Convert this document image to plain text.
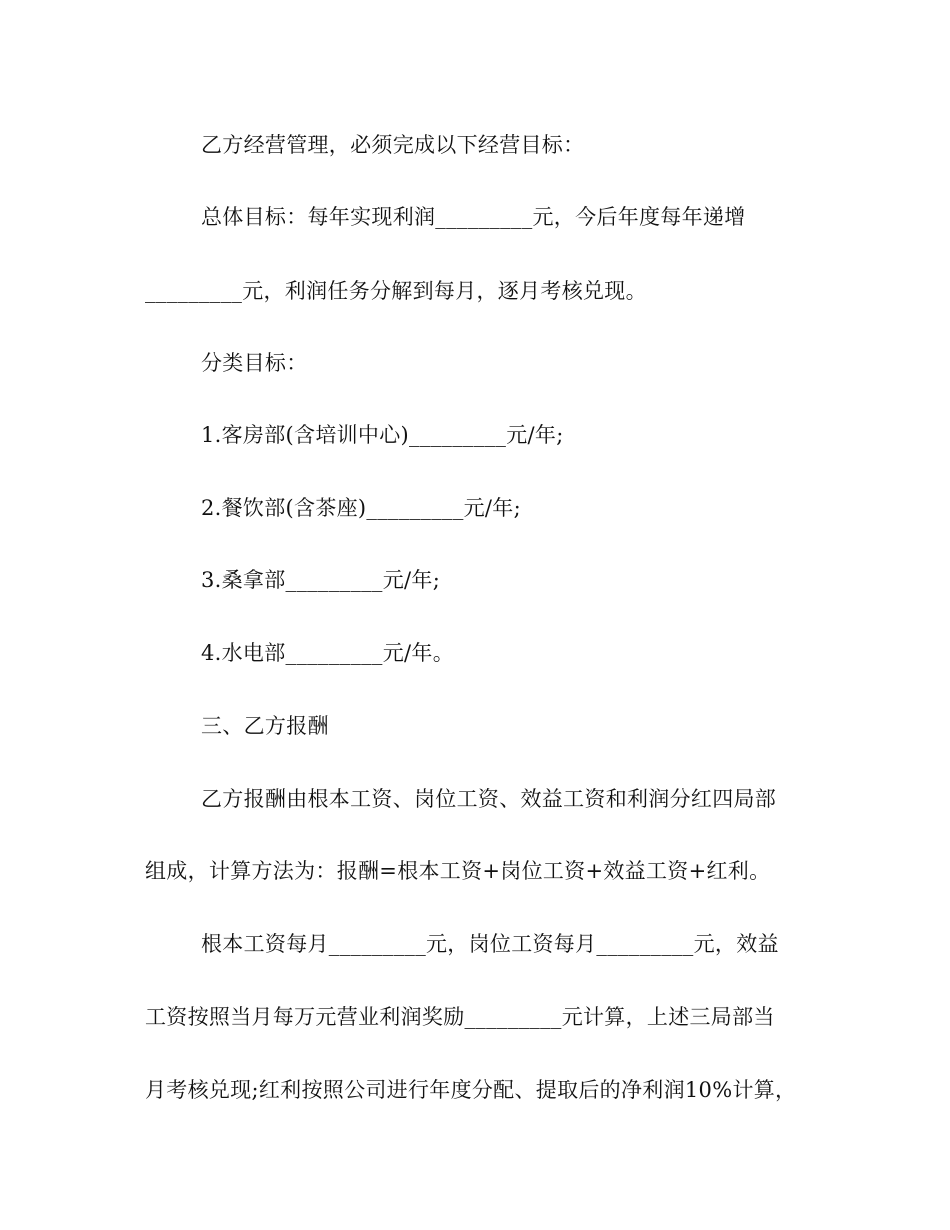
乙方经营管理，必须完成以下经营目标：
总体目标：每年实现利润_________元，今后年度每年递增
_________元，利润任务分解到每月，逐月考核兑现。
分类目标：
1.客房部(含培训中心)_________元/年;
2.餐饮部(含茶座)_________元/年;
3.桑拿部_________元/年;
4.水电部_________元/年。
三、乙方报酬
乙方报酬由根本工资、岗位工资、效益工资和利润分红四局部
组成，计算方法为：报酬=根本工资+岗位工资+效益工资+红利。
根本工资每月_________元，岗位工资每月_________元，效益
工资按照当月每万元营业利润奖励_________元计算，上述三局部当
月考核兑现;红利按照公司进行年度分配、提取后的净利润10%计算，
